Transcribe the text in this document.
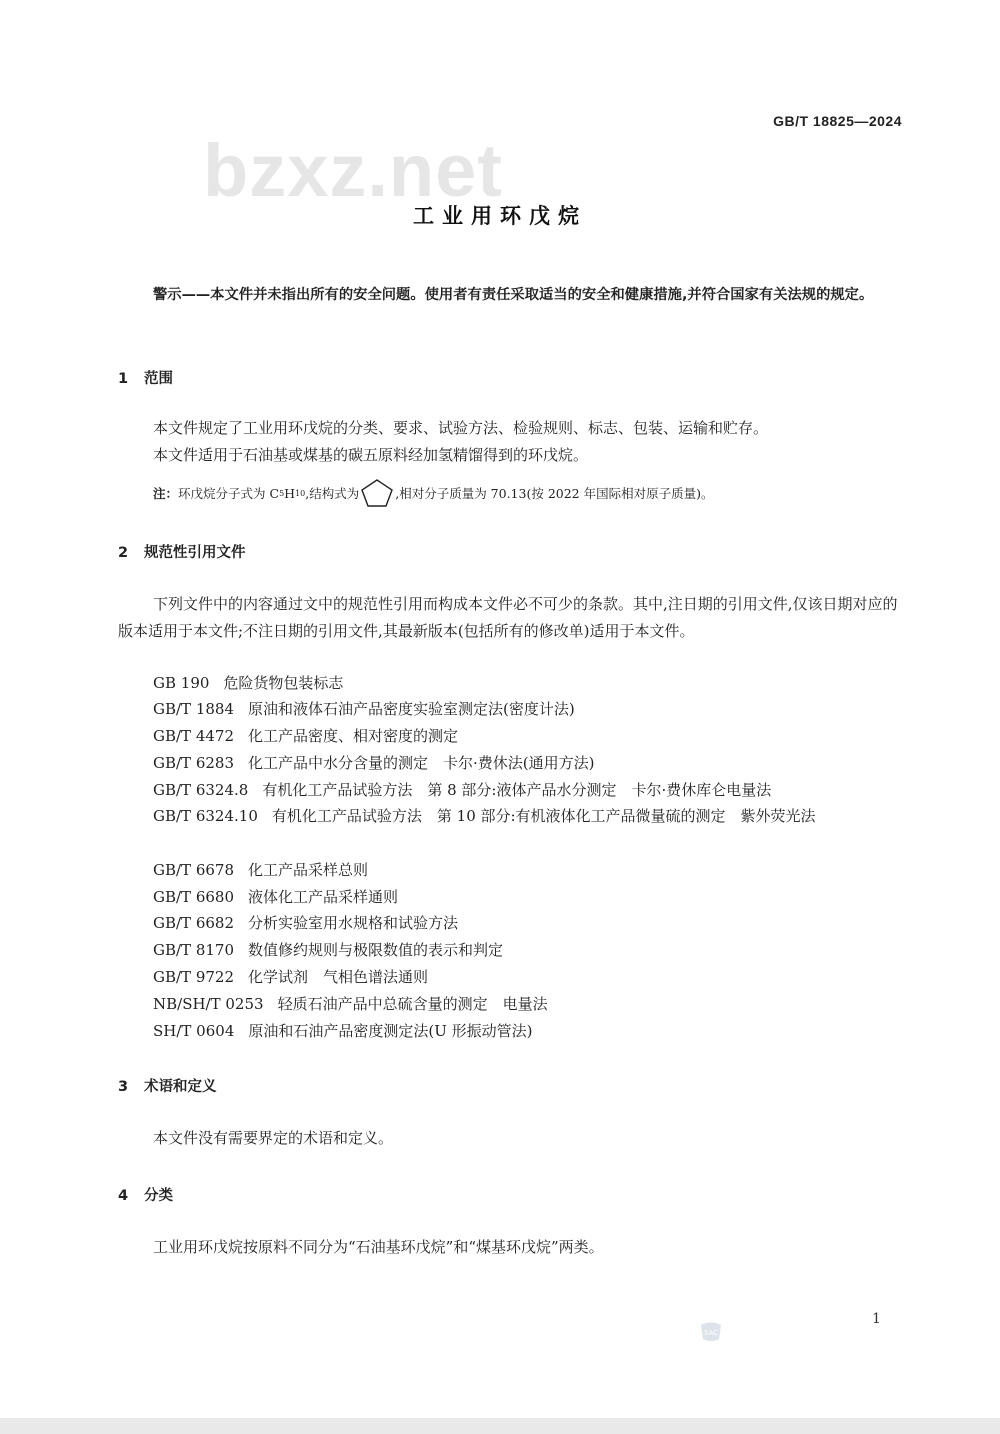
GB/T 18825—2024
bzxz.net
工业用环戊烷
警示——本文件并未指出所有的安全问题。使用者有责任采取适当的安全和健康措施,并符合国家有关法规的规定。
1 范围
本文件规定了工业用环戊烷的分类、要求、试验方法、检验规则、标志、包装、运输和贮存。
本文件适用于石油基或煤基的碳五原料经加氢精馏得到的环戊烷。
注： 环戊烷分子式为 C 5 H 10 ,结构式为	,相对分子质量为 70.13(按 2022 年国际相对原子质量)。
2 规范性引用文件
下列文件中的内容通过文中的规范性引用而构成本文件必不可少的条款。其中,注日期的引用文件,仅该日期对应的版本适用于本文件;不注日期的引用文件,其最新版本(包括所有的修改单)适用于本文件。
GB 190 危险货物包装标志
GB/T 1884 原油和液体石油产品密度实验室测定法(密度计法)
GB/T 4472 化工产品密度、相对密度的测定
GB/T 6283 化工产品中水分含量的测定　卡尔·费休法(通用方法)
GB/T 6324.8 有机化工产品试验方法　第 8 部分:液体产品水分测定　卡尔·费休库仑电量法
GB/T 6324.10 有机化工产品试验方法　第 10 部分:有机液体化工产品微量硫的测定　紫外荧光法
GB/T 6678 化工产品采样总则
GB/T 6680 液体化工产品采样通则
GB/T 6682 分析实验室用水规格和试验方法
GB/T 8170 数值修约规则与极限数值的表示和判定
GB/T 9722 化学试剂　气相色谱法通则
NB/SH/T 0253 轻质石油产品中总硫含量的测定　电量法
SH/T 0604 原油和石油产品密度测定法(U 形振动管法)
3 术语和定义
本文件没有需要界定的术语和定义。
4 分类
工业用环戊烷按原料不同分为“石油基环戊烷”和“煤基环戊烷”两类。
SAC
1
